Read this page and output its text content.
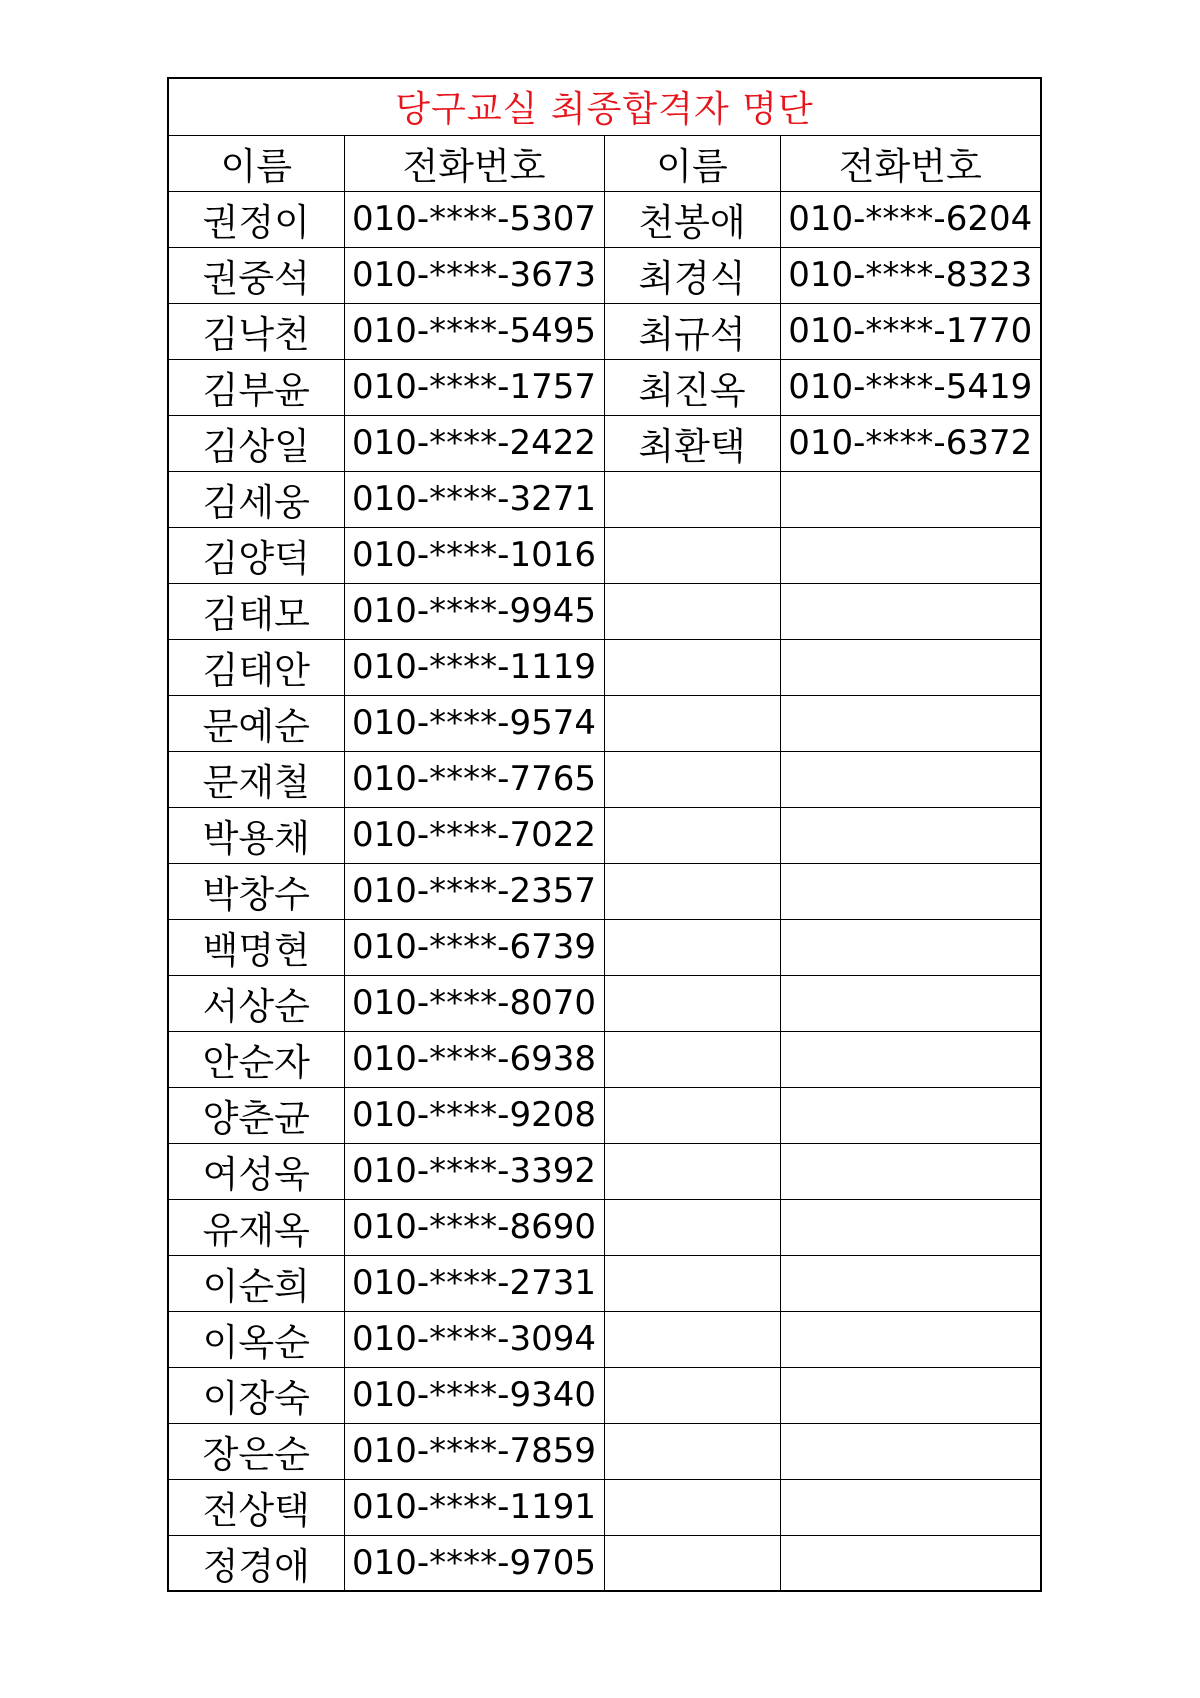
당구교실 최종합격자 명단			
이름	전화번호	이름	전화번호
권정이	010-****-5307	천봉애	010-****-6204
권중석	010-****-3673	최경식	010-****-8323
김낙천	010-****-5495	최규석	010-****-1770
김부윤	010-****-1757	최진옥	010-****-5419
김상일	010-****-2422	최환택	010-****-6372
김세웅	010-****-3271		
김양덕	010-****-1016		
김태모	010-****-9945		
김태안	010-****-1119		
문예순	010-****-9574		
문재철	010-****-7765		
박용채	010-****-7022		
박창수	010-****-2357		
백명현	010-****-6739		
서상순	010-****-8070		
안순자	010-****-6938		
양춘균	010-****-9208		
여성욱	010-****-3392		
유재옥	010-****-8690		
이순희	010-****-2731		
이옥순	010-****-3094		
이장숙	010-****-9340		
장은순	010-****-7859		
전상택	010-****-1191		
정경애	010-****-9705		
